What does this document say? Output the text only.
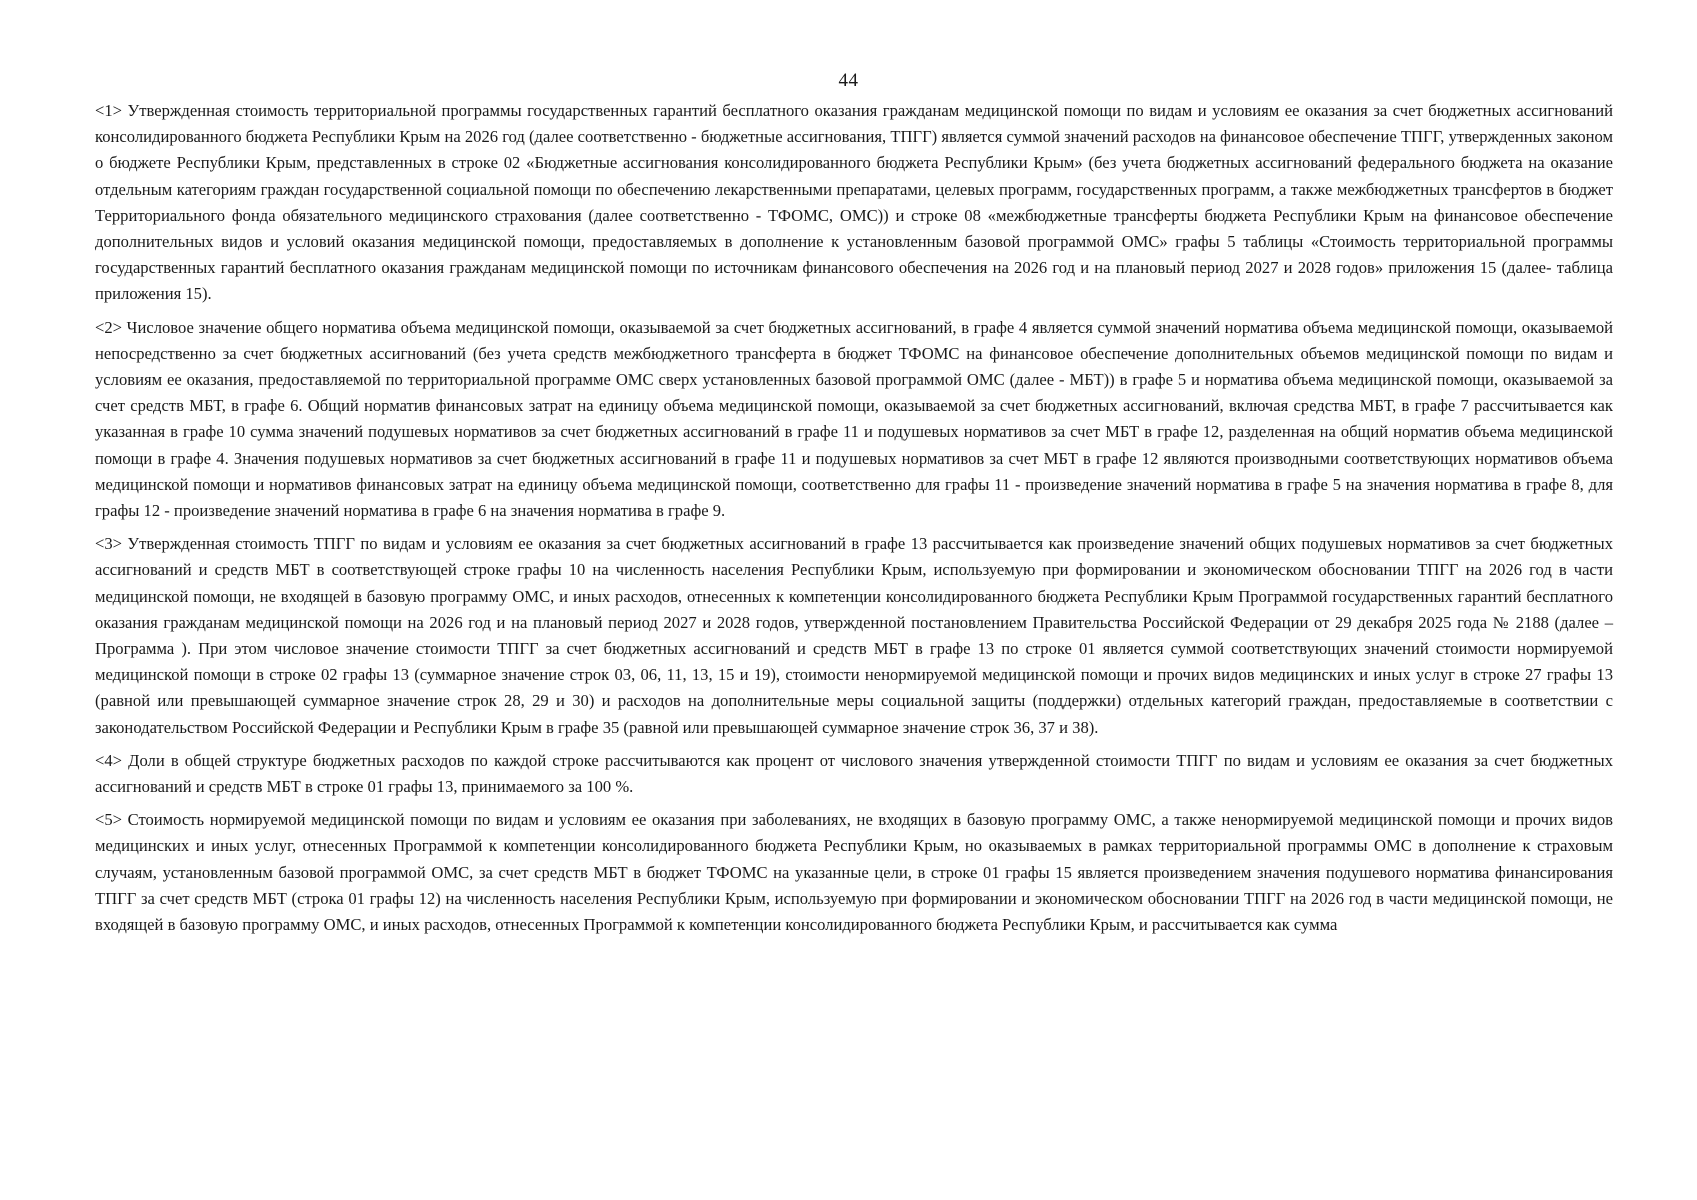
44

<1> Утвержденная стоимость территориальной программы государственных гарантий бесплатного оказания гражданам медицинской помощи по видам и условиям ее оказания за счет бюджетных ассигнований консолидированного бюджета Республики Крым на 2026 год (далее соответственно - бюджетные ассигнования, ТПГГ) является суммой значений расходов на финансовое обеспечение ТПГГ, утвержденных законом о бюджете Республики Крым, представленных в строке 02 «Бюджетные ассигнования консолидированного бюджета Республики Крым» (без учета бюджетных ассигнований федерального бюджета на оказание отдельным категориям граждан государственной социальной помощи по обеспечению лекарственными препаратами, целевых программ, государственных программ, а также межбюджетных трансфертов в бюджет Территориального фонда обязательного медицинского страхования (далее соответственно - ТФОМС, ОМС)) и строке 08 «межбюджетные трансферты бюджета Республики Крым на финансовое обеспечение дополнительных видов и условий оказания медицинской помощи, предоставляемых в дополнение к установленным базовой программой ОМС» графы 5 таблицы «Стоимость территориальной программы государственных гарантий бесплатного оказания гражданам медицинской помощи по источникам финансового обеспечения на 2026 год и на плановый период 2027 и 2028 годов» приложения 15 (далее- таблица приложения 15).

<2> Числовое значение общего норматива объема медицинской помощи, оказываемой за счет бюджетных ассигнований, в графе 4 является суммой значений норматива объема медицинской помощи, оказываемой непосредственно за счет бюджетных ассигнований (без учета средств межбюджетного трансферта в бюджет ТФОМС на финансовое обеспечение дополнительных объемов медицинской помощи по видам и условиям ее оказания, предоставляемой по территориальной программе ОМС сверх установленных базовой программой ОМС (далее - МБТ)) в графе 5 и норматива объема медицинской помощи, оказываемой за счет средств МБТ, в графе 6. Общий норматив финансовых затрат на единицу объема медицинской помощи, оказываемой за счет бюджетных ассигнований, включая средства МБТ, в графе 7 рассчитывается как указанная в графе 10 сумма значений подушевых нормативов за счет бюджетных ассигнований в графе 11 и подушевых нормативов за счет МБТ в графе 12, разделенная на общий норматив объема медицинской помощи в графе 4. Значения подушевых нормативов за счет бюджетных ассигнований в графе 11 и подушевых нормативов за счет МБТ в графе 12 являются производными соответствующих нормативов объема медицинской помощи и нормативов финансовых затрат на единицу объема медицинской помощи, соответственно для графы 11 - произведение значений норматива в графе 5 на значения норматива в графе 8, для графы 12 - произведение значений норматива в графе 6 на значения норматива в графе 9.

<3> Утвержденная стоимость ТПГГ по видам и условиям ее оказания за счет бюджетных ассигнований в графе 13 рассчитывается как произведение значений общих подушевых нормативов за счет бюджетных ассигнований и средств МБТ в соответствующей строке графы 10 на численность населения Республики Крым, используемую при формировании и экономическом обосновании ТПГГ на 2026 год в части медицинской помощи, не входящей в базовую программу ОМС, и иных расходов, отнесенных к компетенции консолидированного бюджета Республики Крым Программой государственных гарантий бесплатного оказания гражданам медицинской помощи на 2026 год и на плановый период 2027 и 2028 годов, утвержденной постановлением Правительства Российской Федерации от 29 декабря 2025 года № 2188 (далее – Программа ). При этом числовое значение стоимости ТПГГ за счет бюджетных ассигнований и средств МБТ в графе 13 по строке 01 является суммой соответствующих значений стоимости нормируемой медицинской помощи в строке 02 графы 13 (суммарное значение строк 03, 06, 11, 13, 15 и 19), стоимости ненормируемой медицинской помощи и прочих видов медицинских и иных услуг в строке 27 графы 13 (равной или превышающей суммарное значение строк 28, 29 и 30) и расходов на дополнительные меры социальной защиты (поддержки) отдельных категорий граждан, предоставляемые в соответствии с законодательством Российской Федерации и Республики Крым в графе 35 (равной или превышающей суммарное значение строк 36, 37 и 38).

<4> Доли в общей структуре бюджетных расходов по каждой строке рассчитываются как процент от числового значения утвержденной стоимости ТПГГ по видам и условиям ее оказания за счет бюджетных ассигнований и средств МБТ в строке 01 графы 13, принимаемого за 100 %.

<5> Стоимость нормируемой медицинской помощи по видам и условиям ее оказания при заболеваниях, не входящих в базовую программу ОМС, а также ненормируемой медицинской помощи и прочих видов медицинских и иных услуг, отнесенных Программой к компетенции консолидированного бюджета Республики Крым, но оказываемых в рамках территориальной программы ОМС в дополнение к страховым случаям, установленным базовой программой ОМС, за счет средств МБТ в бюджет ТФОМС на указанные цели, в строке 01 графы 15 является произведением значения подушевого норматива финансирования ТПГГ за счет средств МБТ (строка 01 графы 12) на численность населения Республики Крым, используемую при формировании и экономическом обосновании ТПГГ на 2026 год в части медицинской помощи, не входящей в базовую программу ОМС, и иных расходов, отнесенных Программой к компетенции консолидированного бюджета Республики Крым, и рассчитывается как сумма
